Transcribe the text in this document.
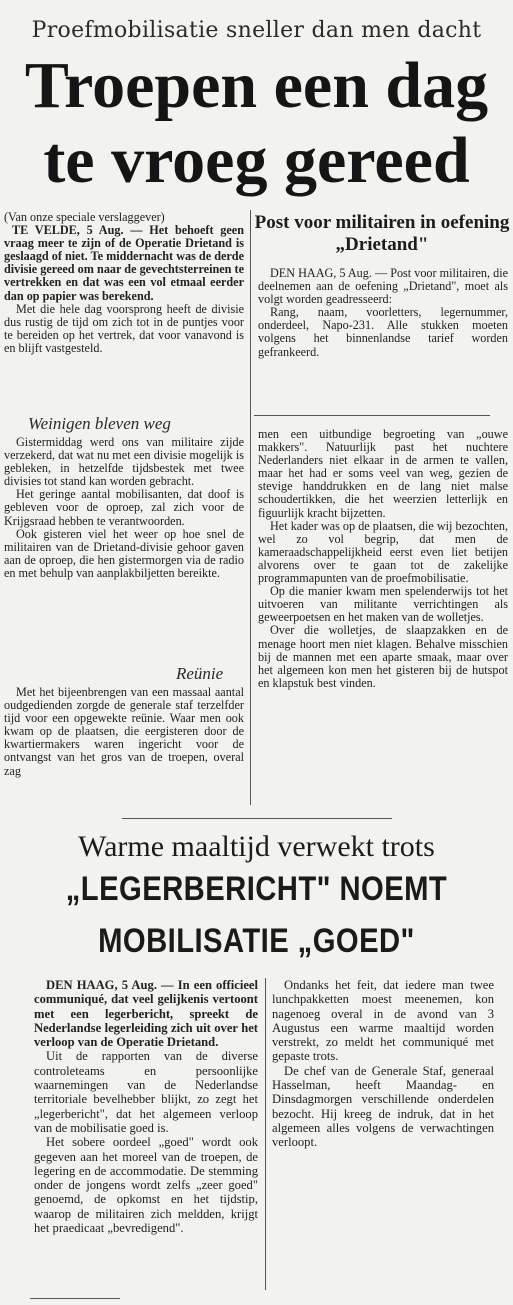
Proefmobilisatie sneller dan men dacht
Troepen een dag
te vroeg gereed

(Van onze speciale verslaggever)

TE VELDE, 5 Aug. — Het behoeft geen vraag meer te zijn of de Operatie Drietand is geslaagd of niet. Te middernacht was de derde divisie gereed om naar de gevechtsterreinen te vertrekken en dat was een vol etmaal eerder dan op papier was berekend.

Met die hele dag voorsprong heeft de divisie dus rustig de tijd om zich tot in de puntjes voor te bereiden op het vertrek, dat voor vanavond is en blijft vastgesteld.

Weinigen bleven weg

Gistermiddag werd ons van militaire zijde verzekerd, dat wat nu met een divisie mogelijk is gebleken, in hetzelfde tijdsbestek met twee divisies tot stand kan worden gebracht.

Het geringe aantal mobilisanten, dat doof is gebleven voor de oproep, zal zich voor de Krijgsraad hebben te verantwoorden.

Ook gisteren viel het weer op hoe snel de militairen van de Drietand-divisie gehoor gaven aan de oproep, die hen gistermorgen via de radio en met behulp van aanplakbiljetten bereikte.

Reünie

Met het bijeenbrengen van een massaal aantal oudgedienden zorgde de generale staf terzelfder tijd voor een opgewekte reünie. Waar men ook kwam op de plaatsen, die eergisteren door de kwartiermakers waren ingericht voor de ontvangst van het gros van de troepen, overal zag

Post voor militairen in oefening „Drietand"

DEN HAAG, 5 Aug. — Post voor militairen, die deelnemen aan de oefening „Drietand", moet als volgt worden geadresseerd:

Rang, naam, voorletters, legernummer, onderdeel, Napo-231. Alle stukken moeten volgens het binnenlandse tarief worden gefrankeerd.

men een uitbundige begroeting van „ouwe makkers". Natuurlijk past het nuchtere Nederlanders niet elkaar in de armen te vallen, maar het had er soms veel van weg, gezien de stevige handdrukken en de lang niet malse schoudertikken, die het weerzien letterlijk en figuurlijk kracht bijzetten.

Het kader was op de plaatsen, die wij bezochten, wel zo vol begrip, dat men de kameraadschappelijkheid eerst even liet betijen alvorens over te gaan tot de zakelijke programmapunten van de proefmobilisatie.

Op die manier kwam men spelenderwijs tot het uitvoeren van militante verrichtingen als geweerpoetsen en het maken van de wolletjes.

Over die wolletjes, de slaapzakken en de menage hoort men niet klagen. Behalve misschien bij de mannen met een aparte smaak, maar over het algemeen kon men het gisteren bij de hutspot en klapstuk best vinden.

Warme maaltijd verwekt trots
„LEGERBERICHT" NOEMT
MOBILISATIE „GOED"

DEN HAAG, 5 Aug. — In een officieel communiqué, dat veel gelijkenis vertoont met een legerbericht, spreekt de Nederlandse legerleiding zich uit over het verloop van de Operatie Drietand.

Uit de rapporten van de diverse controleteams en persoonlijke waarnemingen van de Nederlandse territoriale bevelhebber blijkt, zo zegt het „legerbericht", dat het algemeen verloop van de mobilisatie goed is.

Het sobere oordeel „goed" wordt ook gegeven aan het moreel van de troepen, de legering en de accommodatie. De stemming onder de jongens wordt zelfs „zeer goed" genoemd, de opkomst en het tijdstip, waarop de militairen zich meldden, krijgt het praedicaat „bevredigend".

Ondanks het feit, dat iedere man twee lunchpakketten moest meenemen, kon nagenoeg overal in de avond van 3 Augustus een warme maaltijd worden verstrekt, zo meldt het communiqué met gepaste trots.

De chef van de Generale Staf, generaal Hasselman, heeft Maandag- en Dinsdagmorgen verschillende onderdelen bezocht. Hij kreeg de indruk, dat in het algemeen alles volgens de verwachtingen verloopt.
